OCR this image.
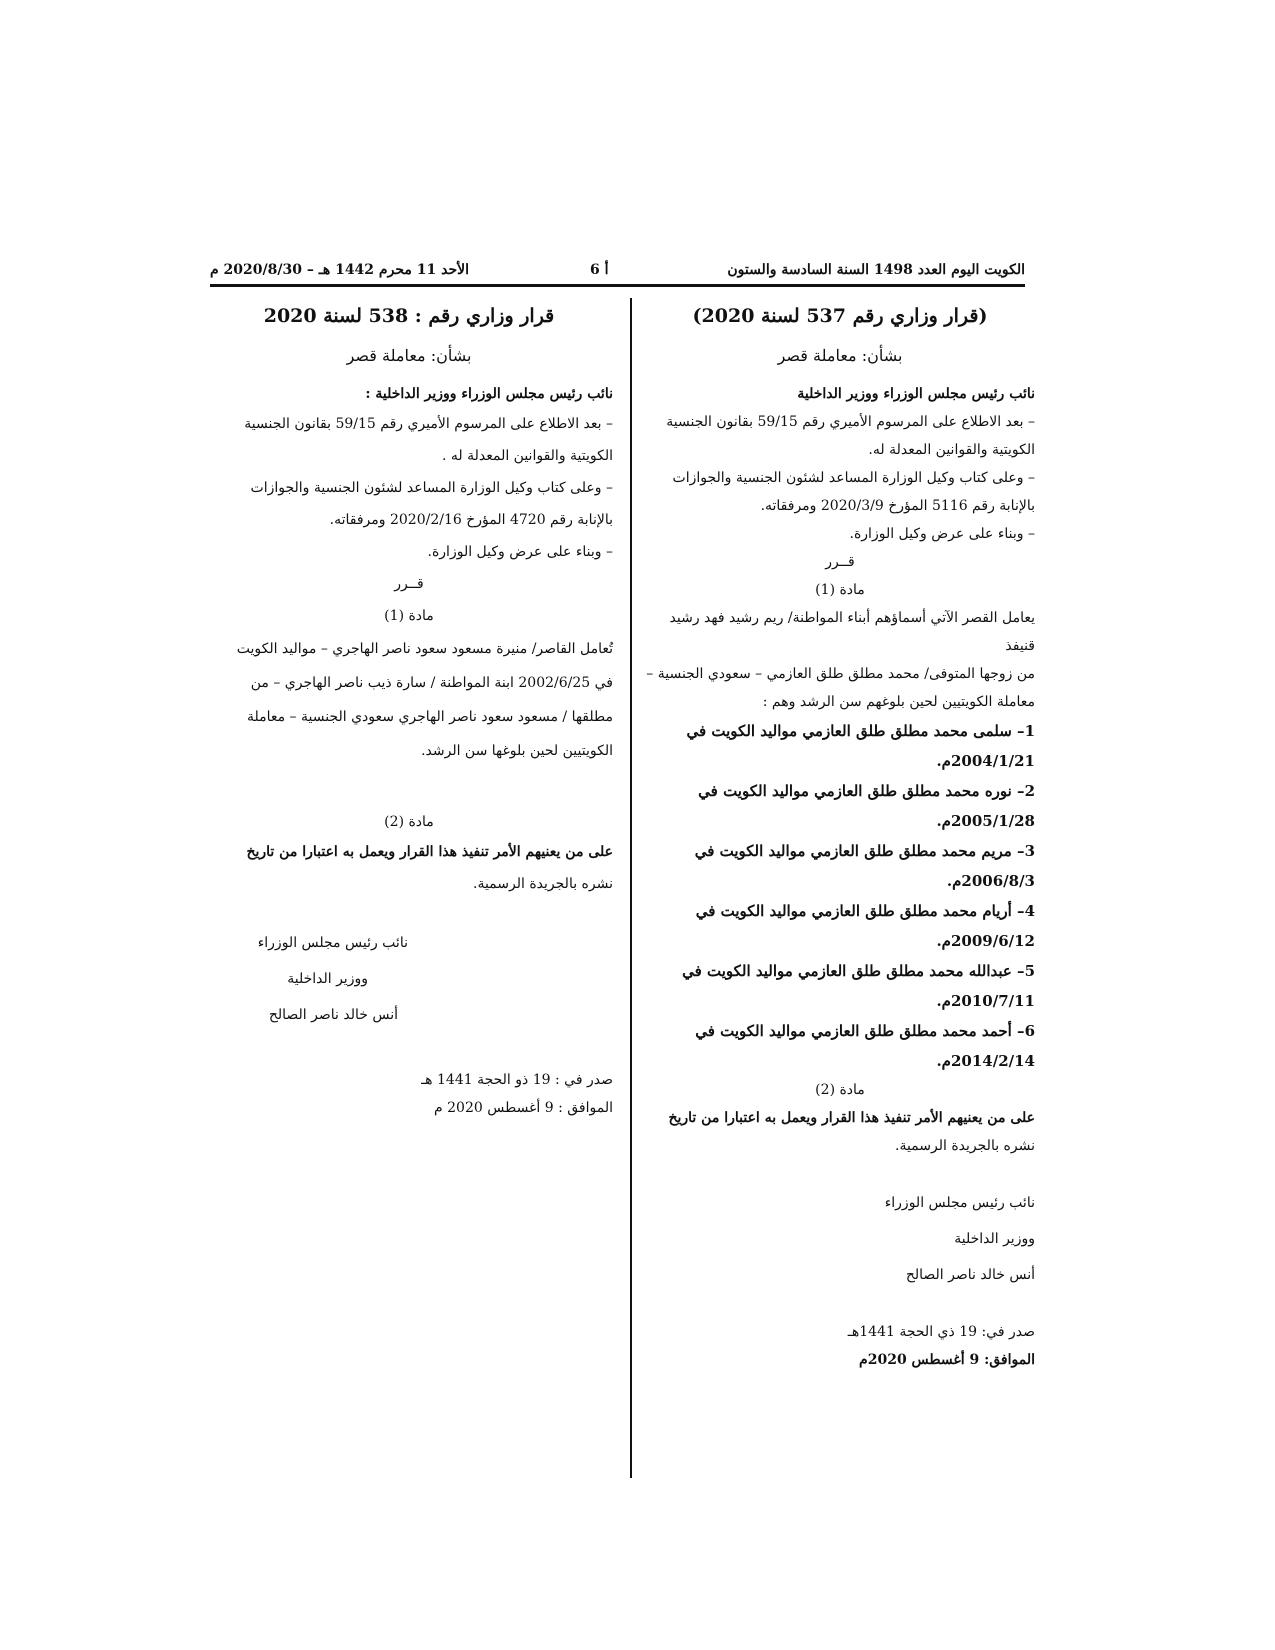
الكويت اليوم العدد 1498 السنة السادسة والستون
أ 6
الأحد 11 محرم 1442 هـ – 2020/8/30 م
(قرار وزاري رقم 537 لسنة 2020)
بشأن: معاملة قصر

نائب رئيس مجلس الوزراء ووزير الداخلية

– بعد الاطلاع على المرسوم الأميري رقم 59/15 بقانون الجنسية

الكويتية والقوانين المعدلة له.

– وعلى كتاب وكيل الوزارة المساعد لشئون الجنسية والجوازات

بالإنابة رقم 5116 المؤرخ 2020/3/9 ومرفقاته.

– وبناء على عرض وكيل الوزارة.

قــرر

مادة (1)

يعامل القصر الآتي أسماؤهم أبناء المواطنة/ ريم رشيد فهد رشيد قنيفذ

من زوجها المتوفى/ محمد مطلق طلق العازمي – سعودي الجنسية –

معاملة الكويتيين لحين بلوغهم سن الرشد وهم :

1– سلمى محمد مطلق طلق العازمي مواليد الكويت في

2004/1/21م.

2– نوره محمد مطلق طلق العازمي مواليد الكويت في

2005/1/28م.

3– مريم محمد مطلق طلق العازمي مواليد الكويت في

2006/8/3م.

4– أريام محمد مطلق طلق العازمي مواليد الكويت في

2009/6/12م.

5– عبدالله محمد مطلق طلق العازمي مواليد الكويت في

2010/7/11م.

6– أحمد محمد مطلق طلق العازمي مواليد الكويت في

2014/2/14م.

مادة (2)

على من يعنيهم الأمر تنفيذ هذا القرار ويعمل به اعتبارا من تاريخ

نشره بالجريدة الرسمية.

نائب رئيس مجلس الوزراء

ووزير الداخلية

أنس خالد ناصر الصالح

صدر في: 19 ذي الحجة 1441هـ

الموافق: 9 أغسطس 2020م

قرار وزاري رقم : 538 لسنة 2020
بشأن: معاملة قصر

نائب رئيس مجلس الوزراء ووزير الداخلية :

– بعد الاطلاع على المرسوم الأميري رقم 59/15 بقانون الجنسية

الكويتية والقوانين المعدلة له .

– وعلى كتاب وكيل الوزارة المساعد لشئون الجنسية والجوازات

بالإنابة رقم 4720 المؤرخ 2020/2/16 ومرفقاته.

– وبناء على عرض وكيل الوزارة.

قــرر

مادة (1)

تُعامل القاصر/ منيرة مسعود سعود ناصر الهاجري – مواليد الكويت

في 2002/6/25 ابنة المواطنة / سارة ذيب ناصر الهاجري – من

مطلقها / مسعود سعود ناصر الهاجري سعودي الجنسية – معاملة

الكويتيين لحين بلوغها سن الرشد.

مادة (2)

على من يعنيهم الأمر تنفيذ هذا القرار ويعمل به اعتبارا من تاريخ

نشره بالجريدة الرسمية.

نائب رئيس مجلس الوزراء

ووزير الداخلية

أنس خالد ناصر الصالح

صدر في : 19 ذو الحجة 1441 هـ

الموافق : 9 أغسطس 2020 م
